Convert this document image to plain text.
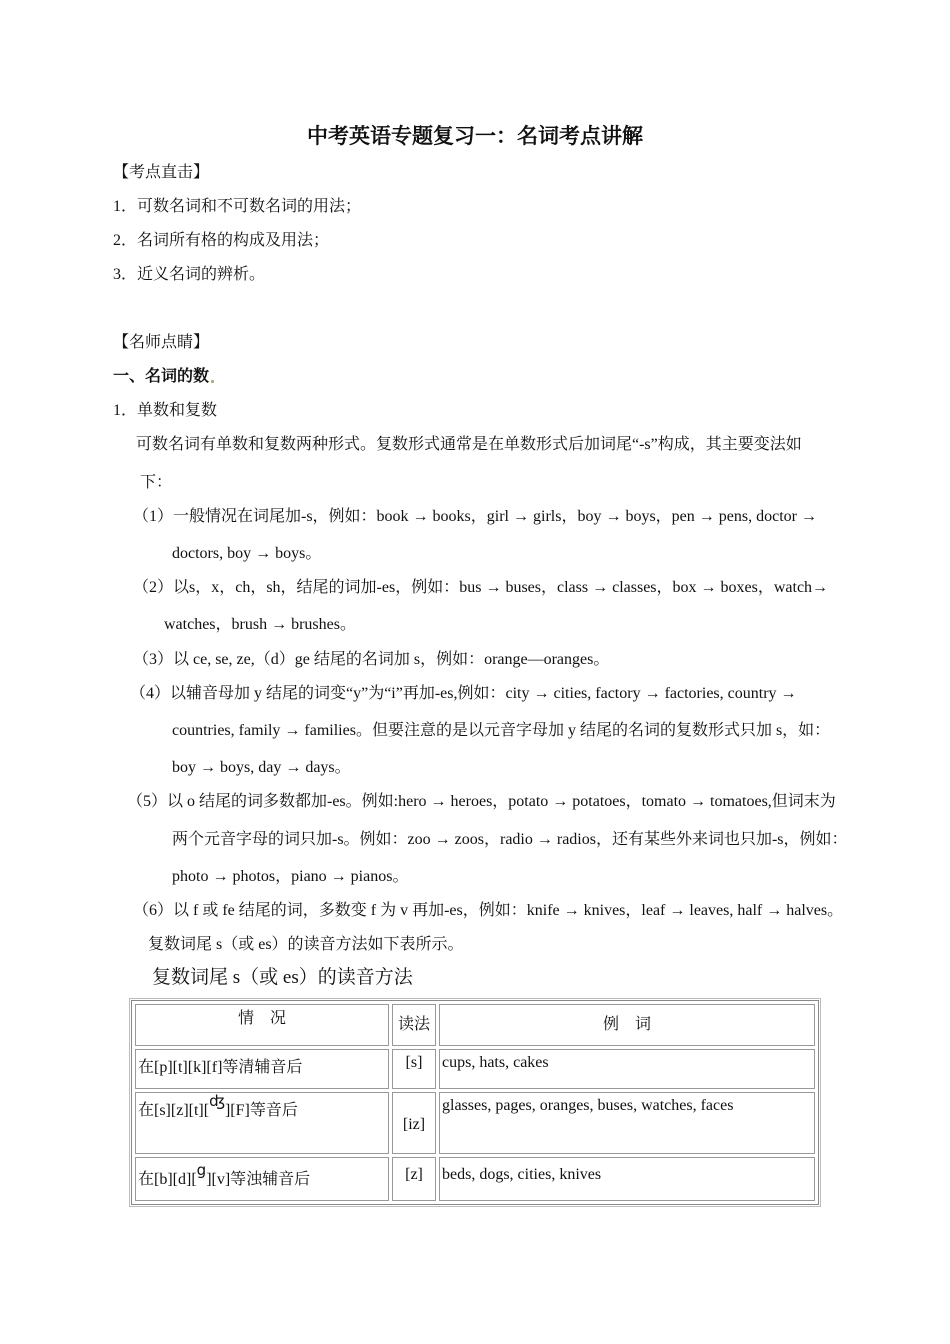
中考英语专题复习一：名词考点讲解
【考点直击】
1．可数名词和不可数名词的用法；
2．名词所有格的构成及用法；
3．近义名词的辨析。
【名师点睛】
一、名词的数
1．单数和复数
可数名词有单数和复数两种形式。复数形式通常是在单数形式后加词尾“-s”构成，其主要变法如
下：
（1）一般情况在词尾加-s，例如：book → books，girl → girls，boy → boys，pen → pens, doctor →
doctors, boy → boys。
（2）以s，x，ch，sh，结尾的词加-es，例如：bus → buses，class → classes，box → boxes，watch→
watches，brush → brushes。
（3）以 ce, se, ze,（d）ge 结尾的名词加 s，例如：orange—oranges。
（4）以辅音母加 y 结尾的词变“y”为“i”再加-es,例如：city → cities, factory → factories, country →
countries, family → families。但要注意的是以元音字母加 y 结尾的名词的复数形式只加 s，如：
boy → boys, day → days。
（5）以 o 结尾的词多数都加-es。例如:hero → heroes，potato → potatoes，tomato → tomatoes,但词末为
两个元音字母的词只加-s。例如：zoo → zoos，radio → radios，还有某些外来词也只加-s，例如：
photo → photos，piano → pianos。
（6）以 f 或 fe 结尾的词，多数变 f 为 v 再加-es，例如：knife → knives，leaf → leaves, half → halves。
复数词尾 s（或 es）的读音方法如下表所示。
复数词尾 s（或 es）的读音方法
情　况	读法	例　词
在[p][t][k][f]等清辅音后	[s]	cups, hats, cakes
在[s][z][t][ʤ][F]等音后	[iz]	glasses, pages, oranges, buses, watches, faces
在[b][d][g][v]等浊辅音后	[z]	beds, dogs, cities, knives
